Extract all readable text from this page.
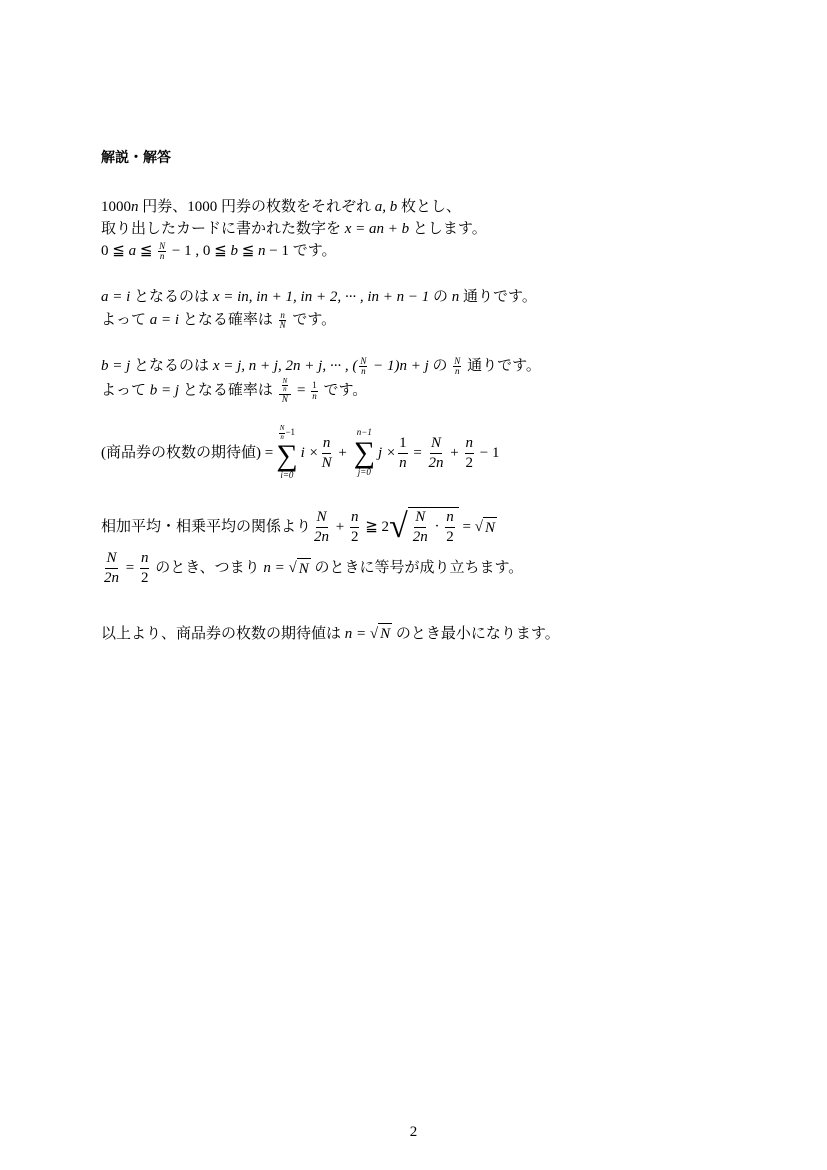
解説・解答
1000n 円券、1000 円券の枚数をそれぞれ a, b 枚とし、
取り出したカードに書かれた数字を x = an + b とします。
0 ≦ a ≦ $\frac{N}{n} - 1$ , 0 ≦ b ≦ n − 1 です。
a = i となるのは x = in, in + 1, in + 2, ··· , in + n − 1 の n 通りです。
よって a = i となる確率は $\frac{n}{N}$ です。
b = j となるのは x = j, n + j, 2n + j, ··· , ( $\frac{N}{n} - 1)n + j$ の $\frac{N}{n}$ 通りです。
よって b = j となる確率は $\frac{\frac{N}{n}}{N} = \frac{1}{n}$ です。
(商品券の枚数の期待値) =
$\frac{N}{n} -1$
∑
i=0
$i \times \frac{n}{N}$ +
n−1
∑
j=0
$j \times \frac{1}{n} = \frac{N}{2n} + \frac{n}{2} - 1$
相加平均・相乗平均の関係より $\frac{N}{2n} + \frac{n}{2}$ ≧ 2 √ $\frac{N}{2n} \cdot \frac{n}{2}$ = √ N
$\frac{N}{2n} = \frac{n}{2}$ のとき、つまり n = √ N のときに等号が成り立ちます。
以上より、商品券の枚数の期待値は n = √ N のとき最小になります。
2
